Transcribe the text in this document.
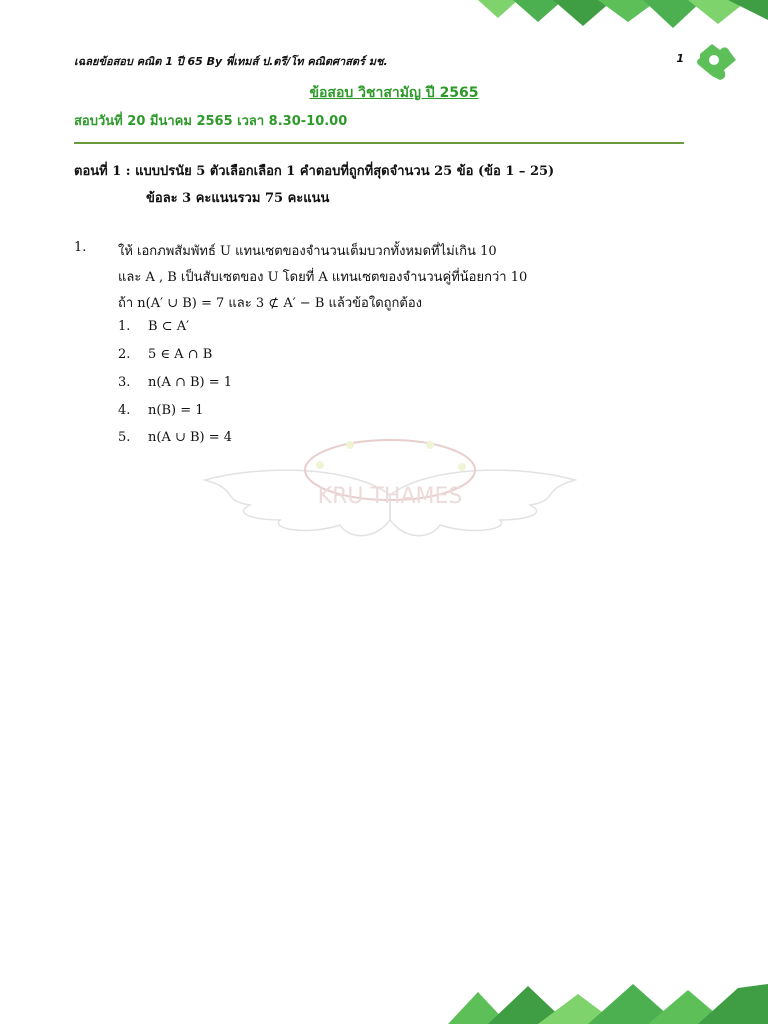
เฉลยข้อสอบ คณิต 1 ปี 65 By พี่เทมส์ ป.ตรี/โท คณิตศาสตร์ มช.	1
ข้อสอบ วิชาสามัญ ปี 2565
สอบวันที่ 20 มีนาคม 2565 เวลา 8.30-10.00
ตอนที่ 1 : แบบปรนัย 5 ตัวเลือกเลือก 1 คำตอบที่ถูกที่สุดจำนวน 25 ข้อ (ข้อ 1 – 25)
ข้อละ 3 คะแนนรวม 75 คะแนน
KRU THAMES
1. ให้ เอกภพสัมพัทธ์ U แทนเซตของจำนวนเต็มบวกทั้งหมดที่ไม่เกิน 10
และ A , B เป็นสับเซตของ U โดยที่ A แทนเซตของจำนวนคู่ที่น้อยกว่า 10
ถ้า n(A′ ∪ B) = 7 และ 3 ⊄ A′ − B แล้วข้อใดถูกต้อง
1. B ⊂ A′
2. 5 ∈ A ∩ B
3. n(A ∩ B) = 1
4. n(B) = 1
5. n(A ∪ B) = 4
